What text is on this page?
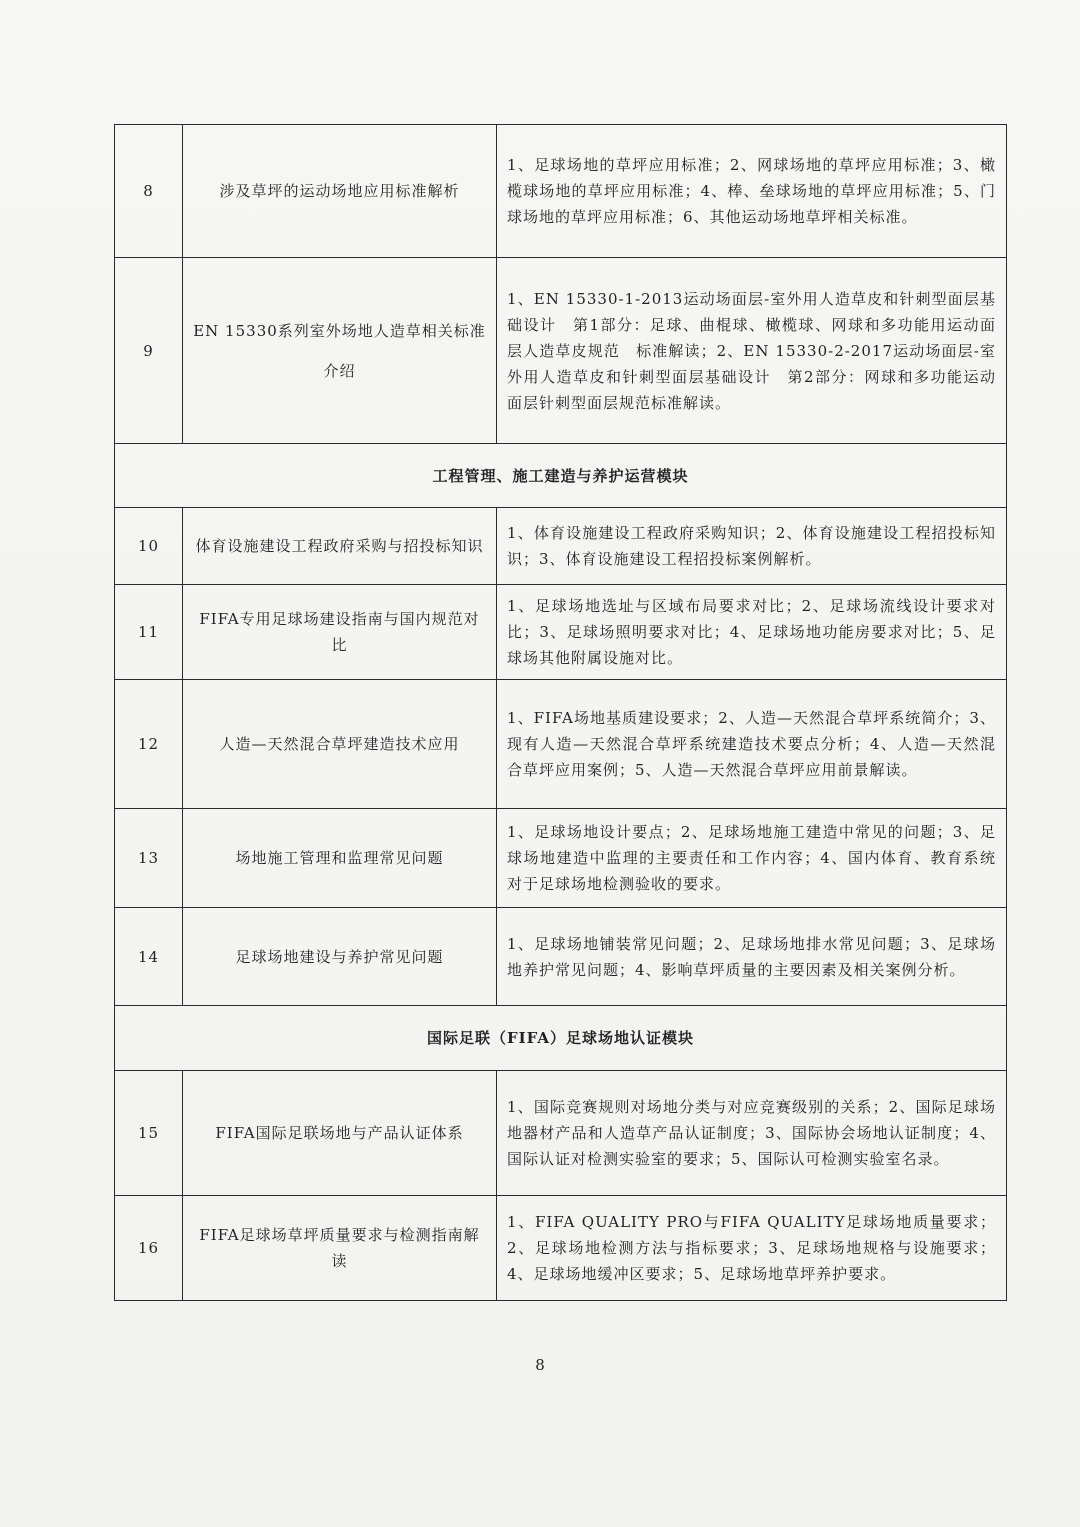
8	涉及草坪的运动场地应用标准解析	1、足球场地的草坪应用标准；2、网球场地的草坪应用标准；3、橄榄球场地的草坪应用标准；4、棒、垒球场地的草坪应用标准；5、门球场地的草坪应用标准；6、其他运动场地草坪相关标准。
9	EN 15330系列室外场地人造草相关标准介绍	1、EN 15330-1-2013运动场面层-室外用人造草皮和针刺型面层基础设计　第1部分：足球、曲棍球、橄榄球、网球和多功能用运动面层人造草皮规范　标准解读；2、EN 15330-2-2017运动场面层-室外用人造草皮和针刺型面层基础设计　第2部分：网球和多功能运动面层针刺型面层规范标准解读。
工程管理、施工建造与养护运营模块		
10	体育设施建设工程政府采购与招投标知识	1、体育设施建设工程政府采购知识；2、体育设施建设工程招投标知识；3、体育设施建设工程招投标案例解析。
11	FIFA专用足球场建设指南与国内规范对比	1、足球场地选址与区域布局要求对比；2、足球场流线设计要求对比；3、足球场照明要求对比；4、足球场地功能房要求对比；5、足球场其他附属设施对比。
12	人造—天然混合草坪建造技术应用	1、FIFA场地基质建设要求；2、人造—天然混合草坪系统简介；3、现有人造—天然混合草坪系统建造技术要点分析；4、人造—天然混合草坪应用案例；5、人造—天然混合草坪应用前景解读。
13	场地施工管理和监理常见问题	1、足球场地设计要点；2、足球场地施工建造中常见的问题；3、足球场地建造中监理的主要责任和工作内容；4、国内体育、教育系统对于足球场地检测验收的要求。
14	足球场地建设与养护常见问题	1、足球场地铺装常见问题；2、足球场地排水常见问题；3、足球场地养护常见问题；4、影响草坪质量的主要因素及相关案例分析。
国际足联（FIFA）足球场地认证模块		
15	FIFA国际足联场地与产品认证体系	1、国际竞赛规则对场地分类与对应竞赛级别的关系；2、国际足球场地器材产品和人造草产品认证制度；3、国际协会场地认证制度；4、国际认证对检测实验室的要求；5、国际认可检测实验室名录。
16	FIFA足球场草坪质量要求与检测指南解读	1、FIFA QUALITY PRO与FIFA QUALITY足球场地质量要求；2、足球场地检测方法与指标要求；3、足球场地规格与设施要求；4、足球场地缓冲区要求；5、足球场地草坪养护要求。
8
